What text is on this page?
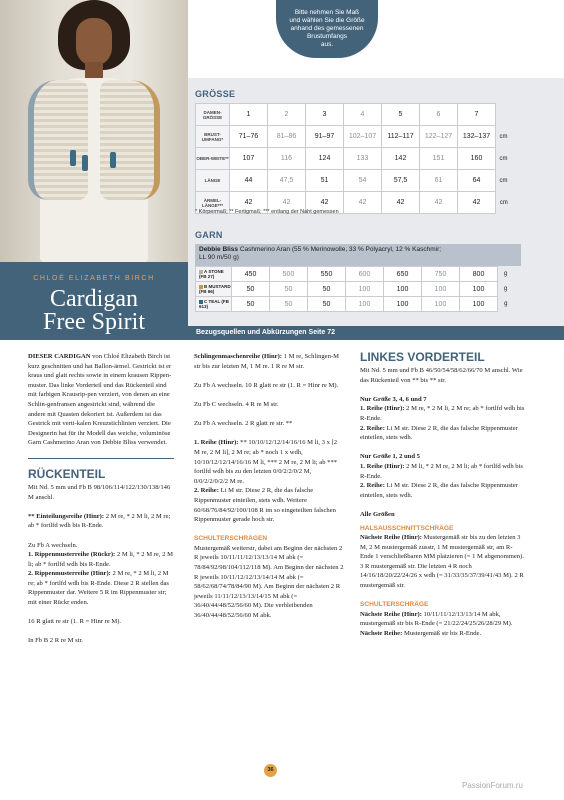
CHLOÉ ELIZABETH BIRCH
Cardigan
Free Spirit
Bitte nehmen Sie Maß
und wählen Sie die Größe
anhand des gemessenen
Brustumfangs
aus.
GRÖSSE
DAMEN-GRÖSSE	1	2	3	4	5	6	7	
BRUST-UMFANG*	71–76	81–86	91–97	102–107	112–117	122–127	132–137	cm
OBER-WEITE**	107	116	124	133	142	151	160	cm
LÄNGE	44	47,5	51	54	57,5	61	64	cm
ÄRMEL-LÄNGE***	42	42	42	42	42	42	42	cm
* Körpermaß; ** Fertigmaß; *** entlang der Naht gemessen
GARN
Debbie Bliss Cashmerino Aran (55 % Merinowolle, 33 % Polyacryl, 12 % Kaschmir;
LL 90 m/50 g)
A STONE (FB 27)	450	500	550	600	650	750	800	g
B MUSTARD (FB 66)	50	50	50	100	100	100	100	g
C TEAL (FB 613)	50	50	50	100	100	100	100	g
Bezugsquellen und Abkürzungen Seite 72

DIESER CARDIGAN von Chloé Elizabeth Birch ist kurz geschnitten und hat Ballon-ärmel. Gestrickt ist er kraus und glatt rechts sowie in einem krausen Rippen-muster. Das linke Vorderteil und das Rückenteil sind mit farbigen Krausrip-pen verziert, von denen an eine Schlin-genfransen angestrickt sind, während die andere mit Quasten dekoriert ist. Außerdem ist das Gestrick mit verti-kalen Kreuzstichlinien verziert. Die Designerin hat für ihr Modell das weiche, voluminöse Garn Cashmerino Aran von Debbie Bliss verwendet.

RÜCKENTEIL

Mit Nd. 5 mm und Fb B 98/106/114/122/130/138/146 M anschl.

** Einteilungsreihe (Hinr): 2 M re, * 2 M li, 2 M re; ab * fortlfd wdh bis R-Ende.

Zu Fb A wechseln.

1. Rippenmusterreihe (Rückr): 2 M li, * 2 M re, 2 M li; ab * fortlfd wdh bis R-Ende.

2. Rippenmusterreihe (Hinr): 2 M re, * 2 M li, 2 M re; ab * fortlfd wdh bis R-Ende. Diese 2 R stellen das Rippenmuster dar. Weitere 5 R im Rippenmuster str; mit einer Rückr enden.

16 R glatt re str (1. R = Hinr re M).

In Fb B 2 R re M str.

Schlingenmaschenreihe (Hinr): 1 M re, Schlingen-M str bis zur letzten M, 1 M re. 1 R re M str.

Zu Fb A wechseln. 10 R glatt re str (1. R = Hinr re M).

Zu Fb C wechseln. 4 R re M str.

Zu Fb A wechseln. 2 R glatt re str. **

1. Reihe (Hinr): ** 10/10/12/12/14/16/16 M li, 3 x [2 M re, 2 M li], 2 M re; ab * noch 1 x wdh, 10/10/12/12/14/16/16 M li, *** 2 M re, 2 M li; ab *** fortlfd wdh bis zu den letzten 0/0/2/2/0/2 M, 0/0/2/2/0/2/2 M re.

2. Reihe: Li M str. Diese 2 R, die das falsche Rippenmuster einteilen, stets wdh. Weitere 60/68/76/84/92/100/108 R im so eingeteilten falschen Rippenmuster gerade hoch str.

SCHULTERSCHRÄGEN

Mustergemäß weiterstr, dabei am Beginn der nächsten 2 R jeweils 10/11/11/12/13/13/14 M abk (= 78/84/92/98/104/112/118 M). Am Beginn der nächsten 2 R jeweils 10/11/12/12/13/14/14 M abk (= 58/62/68/74/78/84/90 M). Am Beginn der nächsten 2 R jeweils 11/11/12/13/13/14/15 M abk (= 36/40/44/48/52/56/60 M). Die verbleibenden 36/40/44/48/52/56/60 M abk.

LINKES VORDERTEIL

Mit Nd. 5 mm und Fb B 46/50/54/58/62/66/70 M anschl. Wie das Rückenteil von ** bis ** str.

Nur Größe 3, 4, 6 und 7

1. Reihe (Hinr): 2 M re, * 2 M li, 2 M re; ab * fortlfd wdh bis R-Ende.

2. Reihe: Li M str. Diese 2 R, die das falsche Rippenmuster einteilen, stets wdh.

Nur Größe 1, 2 und 5

1. Reihe (Hinr): 2 M li, * 2 M re, 2 M li; ab * fortlfd wdh bis R-Ende.

2. Reihe: Li M str. Diese 2 R, die das falsche Rippenmuster einteilen, stets wdh.

Alle Größen

HALSAUSSCHNITTSCHRÄGE

Nächste Reihe (Hinr): Mustergemäß str bis zu den letzten 3 M, 2 M mustergemäß zusstr, 1 M mustergemäß str, am R-Ende 1 verschließbaren MM platzieren (= 1 M abgenommen). 3 R mustergemäß str. Die letzten 4 R noch 14/16/18/20/22/24/26 x wdh (= 31/33/35/37/39/41/43 M). 2 R mustergemäß str.

SCHULTERSCHRÄGE

Nächste Reihe (Hinr): 10/11/11/12/13/13/14 M abk, mustergemäß str bis R-Ende (= 21/22/24/25/26/28/29 M).

Nächste Reihe: Mustergemäß str bis R-Ende.

36
PassionForum.ru
